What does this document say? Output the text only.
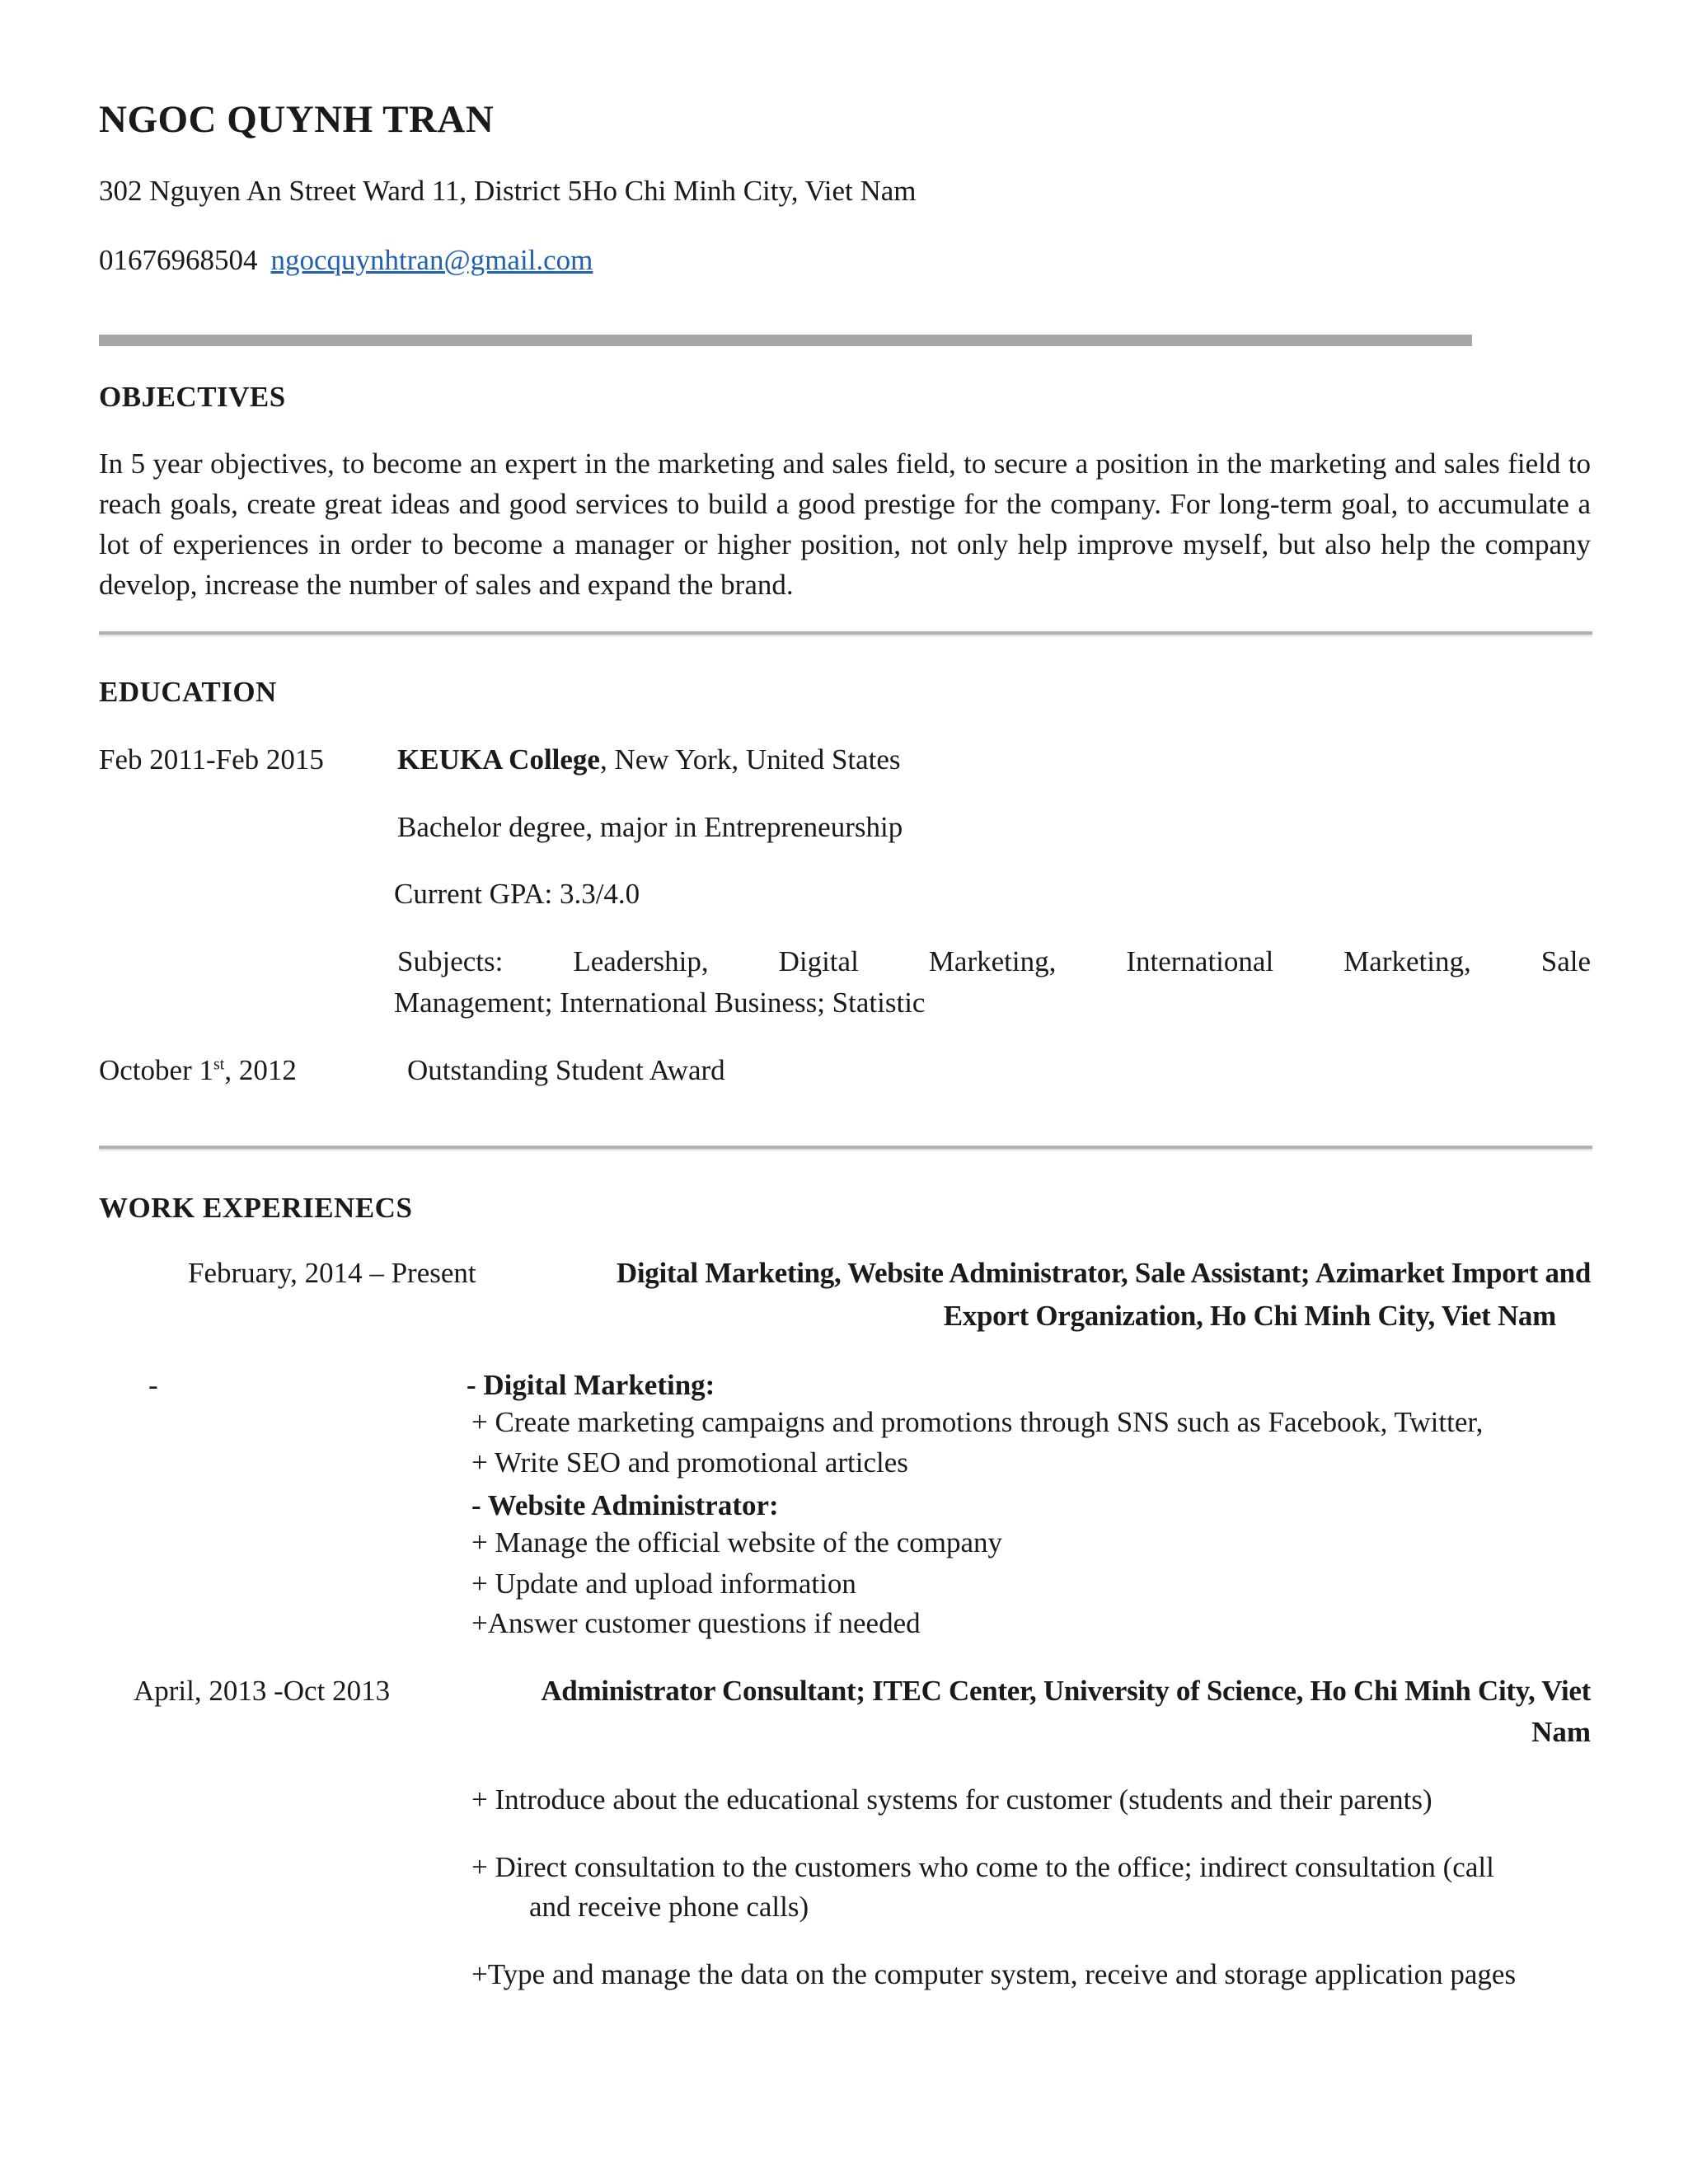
NGOC QUYNH TRAN
302 Nguyen An Street Ward 11, District 5Ho Chi Minh City, Viet Nam
01676968504 ngocquynhtran@gmail.com
OBJECTIVES
In 5 year objectives, to become an expert in the marketing and sales field, to secure a position in the marketing and sales field to reach goals, create great ideas and good services to build a good prestige for the company. For long-term goal, to accumulate a lot of experiences in order to become a manager or higher position, not only help improve myself, but also help the company develop, increase the number of sales and expand the brand.
EDUCATION
Feb 2011-Feb 2015	KEUKA College, New York, United States
Bachelor degree, major in Entrepreneurship
Current GPA: 3.3/4.0
Subjects: Leadership, Digital Marketing, International Marketing, Sale
Management; International Business; Statistic
October 1st, 2012	Outstanding Student Award
WORK EXPERIENECS
February, 2014 – Present	Digital Marketing, Website Administrator, Sale Assistant; Azimarket Import and
Export Organization, Ho Chi Minh City, Viet Nam
-	- Digital Marketing:
+ Create marketing campaigns and promotions through SNS such as Facebook, Twitter,
+ Write SEO and promotional articles
- Website Administrator:
+ Manage the official website of the company
+ Update and upload information
+Answer customer questions if needed
April, 2013 -Oct 2013	Administrator Consultant; ITEC Center, University of Science, Ho Chi Minh City, Viet
Nam
+ Introduce about the educational systems for customer (students and their parents)
+ Direct consultation to the customers who come to the office; indirect consultation (call
and receive phone calls)
+Type and manage the data on the computer system, receive and storage application pages
